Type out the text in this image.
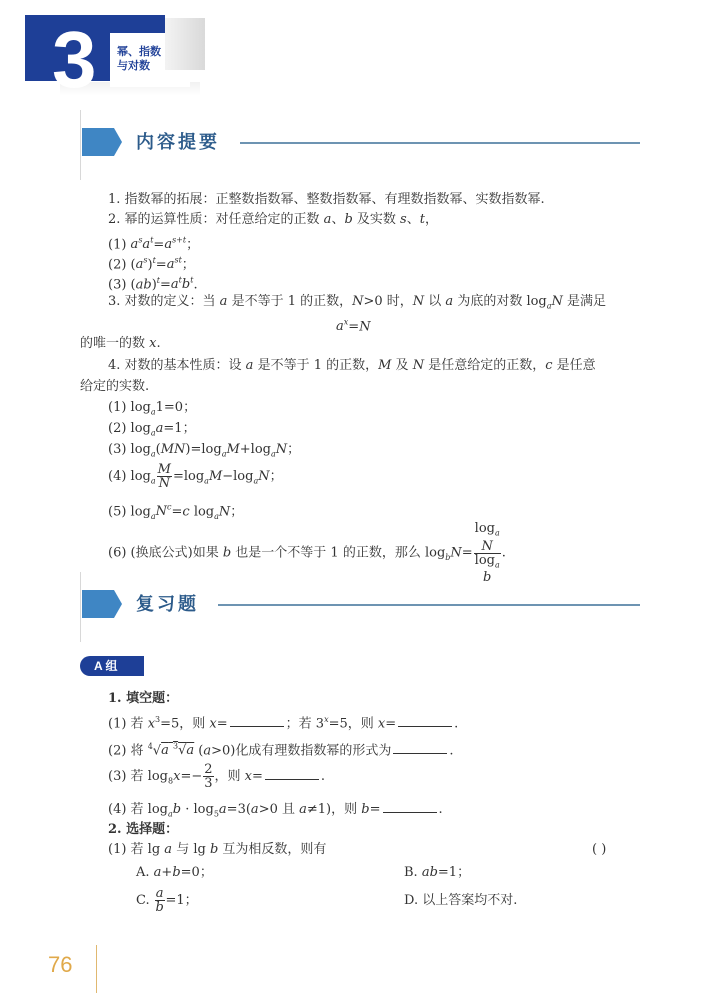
3 幂、指数
与对数
内容提要
1. 指数幂的拓展：正整数指数幂、整数指数幂、有理数指数幂、实数指数幂.
2. 幂的运算性质：对任意给定的正数 a、b 及实数 s、t，
(1) $a^sa^t=a^{s+t}$；
(2) $(a^s)^t=a^{st}$；
(3) $(ab)^t=a^tb^t$.
3. 对数的定义：当 a 是不等于 1 的正数，N>0 时，N 以 a 为底的对数 $\log_aN$ 是满足
$a^x=N$
的唯一的数 x.
4. 对数的基本性质：设 a 是不等于 1 的正数，M 及 N 是任意给定的正数，c 是任意
给定的实数.
(1) $\log_a1=0$；
(2) $\log_aa=1$；
(3) $\log_a(MN)=\log_aM+\log_aN$；
(4) $\log_a \frac{M}{N} =\log_aM-\log_aN$；
(5) $\log_aN^c=c$ $\log_aN$；
(6) (换底公式)如果 b 也是一个不等于 1 的正数，那么 $\log_bN= \log_a$
N
$\log_a$
b .
复习题
A 组
1. 填空题：
(1) 若 $x^3=5$，则 x=	；若 $3^x=5$，则 x=	.
(2) 将 $^4$√a $^3$√a (a>0)化成有理数指数幂的形式为	.
(3) 若 $\log_8x=- \frac{2}{3}$ ，则 x=	.
(4) 若 $\log_ab \cdot \log_5a=3(a>0$ 且 a≠1)，则 b=	.
2. 选择题：
(1) 若 lg a 与 lg b 互为相反数，则有	( )
A. a+b=0；	B. ab=1；
C. $\frac{a}{b} =1$；	D. 以上答案均不对.
76
